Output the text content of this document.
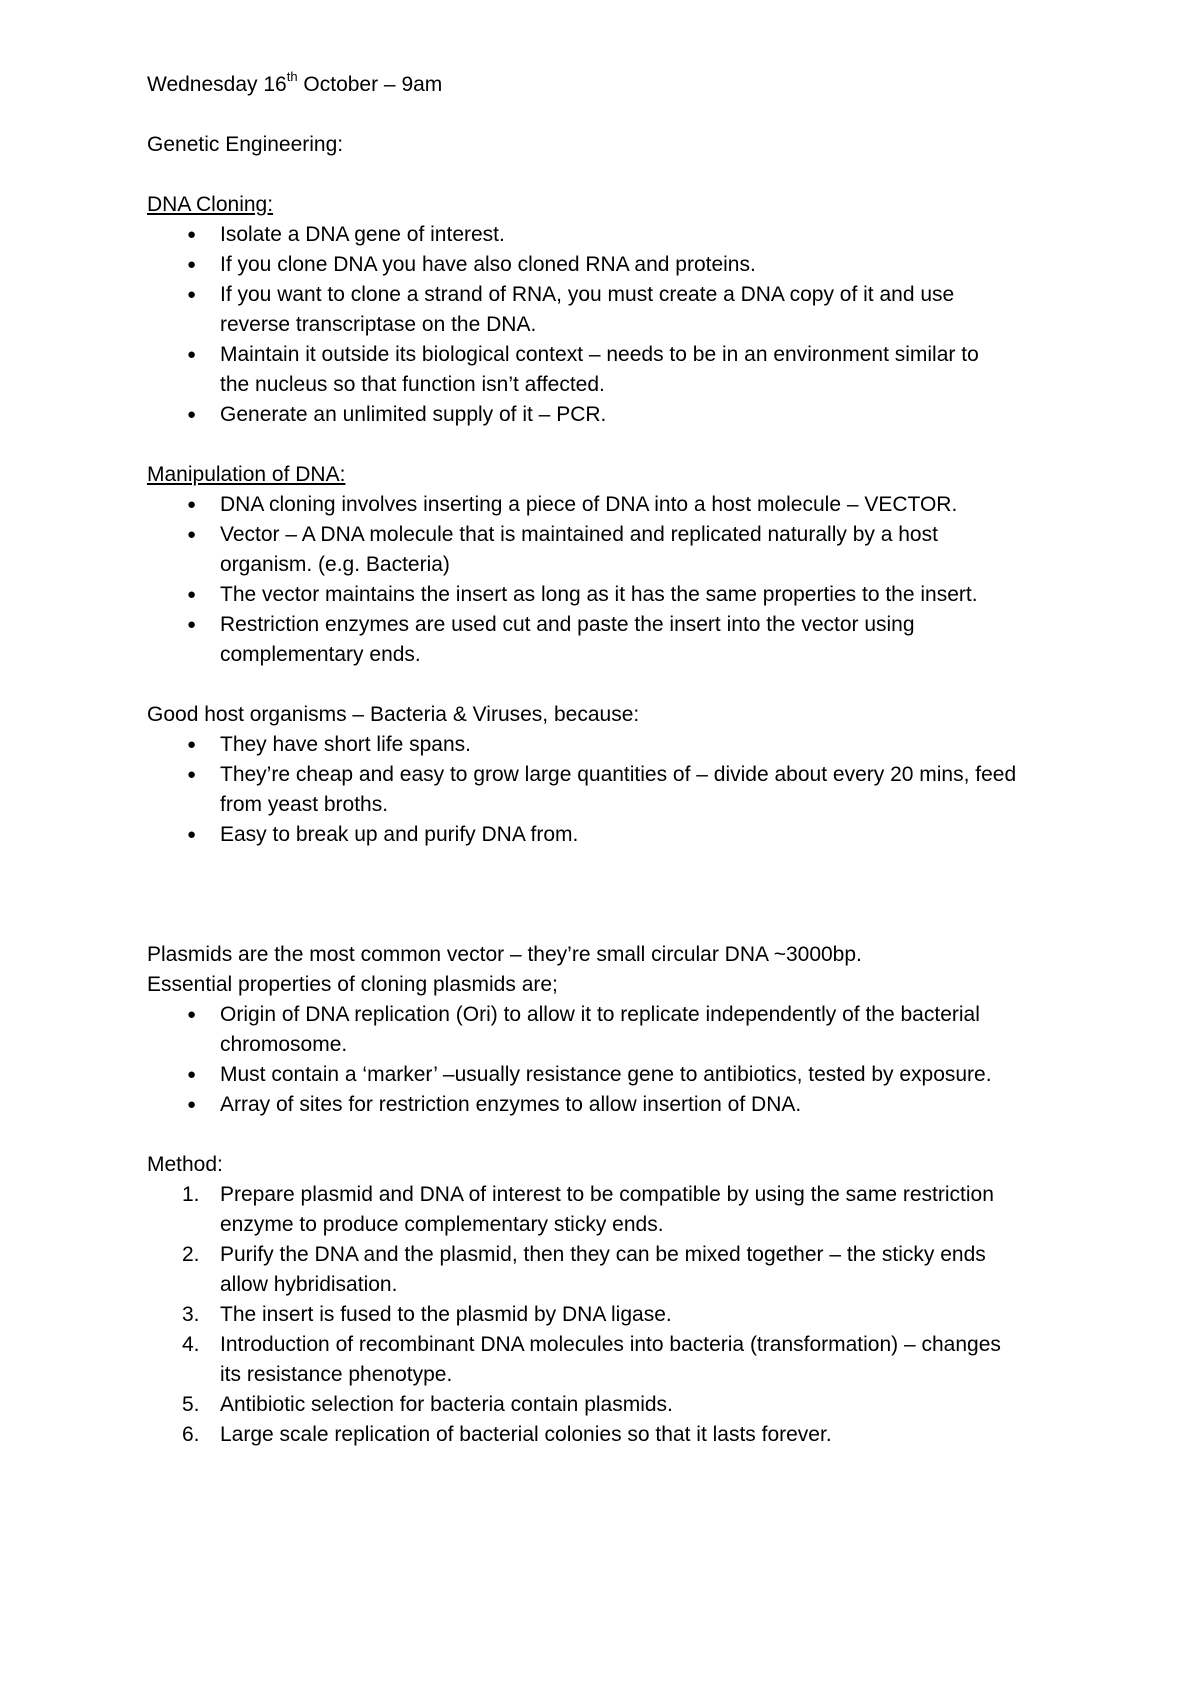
Wednesday 16th October – 9am

Genetic Engineering:

DNA Cloning:

●	Isolate a DNA gene of interest.
●	If you clone DNA you have also cloned RNA and proteins.
●	If you want to clone a strand of RNA, you must create a DNA copy of it and use
reverse transcriptase on the DNA.
●	Maintain it outside its biological context – needs to be in an environment similar to
the nucleus so that function isn’t affected.
●	Generate an unlimited supply of it – PCR.

Manipulation of DNA:

●	DNA cloning involves inserting a piece of DNA into a host molecule – VECTOR.
●	Vector – A DNA molecule that is maintained and replicated naturally by a host
organism. (e.g. Bacteria)
●	The vector maintains the insert as long as it has the same properties to the insert.
●	Restriction enzymes are used cut and paste the insert into the vector using
complementary ends.

Good host organisms – Bacteria & Viruses, because:

●	They have short life spans.
●	They’re cheap and easy to grow large quantities of – divide about every 20 mins, feed
from yeast broths.
●	Easy to break up and purify DNA from.

Plasmids are the most common vector – they’re small circular DNA ~3000bp.

Essential properties of cloning plasmids are;

●	Origin of DNA replication (Ori) to allow it to replicate independently of the bacterial
chromosome.
●	Must contain a ‘marker’ –usually resistance gene to antibiotics, tested by exposure.
●	Array of sites for restriction enzymes to allow insertion of DNA.

Method:

1. Prepare plasmid and DNA of interest to be compatible by using the same restriction
enzyme to produce complementary sticky ends.
2. Purify the DNA and the plasmid, then they can be mixed together – the sticky ends
allow hybridisation.
3. The insert is fused to the plasmid by DNA ligase.
4. Introduction of recombinant DNA molecules into bacteria (transformation) – changes
its resistance phenotype.
5. Antibiotic selection for bacteria contain plasmids.
6. Large scale replication of bacterial colonies so that it lasts forever.
